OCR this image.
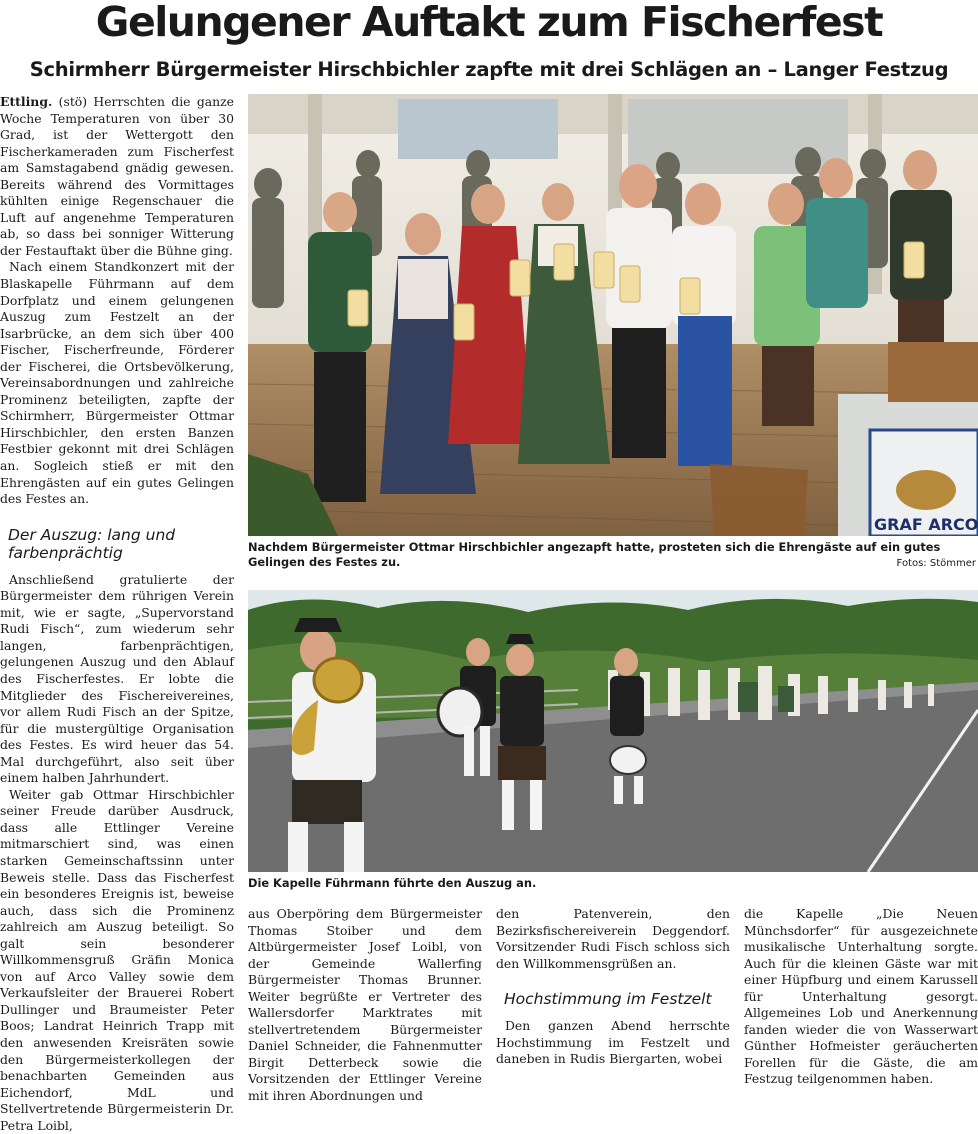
Gelungener Auftakt zum Fischerfest
Schirmherr Bürgermeister Hirschbichler zapfte mit drei Schlägen an – Langer Festzug

Ettling. (stö) Herrschten die ganze Woche Temperaturen von über 30 Grad, ist der Wettergott den Fischerkameraden zum Fischerfest am Samstagabend gnädig gewesen. Bereits während des Vormittages kühlten einige Regenschauer die Luft auf angenehme Temperaturen ab, so dass bei sonniger Witterung der Festauftakt über die Bühne ging.

Nach einem Standkonzert mit der Blaskapelle Führmann auf dem Dorfplatz und einem gelungenen Auszug zum Festzelt an der Isarbrücke, an dem sich über 400 Fischer, Fischerfreunde, Förderer der Fischerei, die Ortsbevölkerung, Vereinsabordnungen und zahlreiche Prominenz beteiligten, zapfte der Schirmherr, Bürgermeister Ottmar Hirschbichler, den ersten Banzen Festbier gekonnt mit drei Schlägen an. Sogleich stieß er mit den Ehrengästen auf ein gutes Gelingen des Festes an.

Der Auszug: lang und farbenprächtig

Anschließend gratulierte der Bürgermeister dem rührigen Verein mit, wie er sagte, „Supervorstand Rudi Fisch“, zum wiederum sehr langen, farbenprächtigen, gelungenen Auszug und den Ablauf des Fischerfestes. Er lobte die Mitglieder des Fischereivereines, vor allem Rudi Fisch an der Spitze, für die mustergültige Organisation des Festes. Es wird heuer das 54. Mal durchgeführt, also seit über einem halben Jahrhundert.

Weiter gab Ottmar Hirschbichler seiner Freude darüber Ausdruck, dass alle Ettlinger Vereine mitmarschiert sind, was einen starken Gemeinschaftssinn unter Beweis stelle. Dass das Fischerfest ein besonderes Ereignis ist, beweise auch, dass sich die Prominenz zahlreich am Auszug beteiligt. So galt sein besonderer Willkommensgruß Gräfin Monica von auf Arco Valley sowie dem Verkaufsleiter der Brauerei Robert Dullinger und Braumeister Peter Boos; Landrat Heinrich Trapp mit den anwesenden Kreisräten sowie den Bürgermeisterkollegen der benachbarten Gemeinden aus Eichendorf, MdL und Stellvertretende Bürgermeisterin Dr. Petra Loibl,

GRAF ARCO
Nachdem Bürgermeister Ottmar Hirschbichler angezapft hatte, prosteten sich die Ehrengäste auf ein gutes Gelingen des Festes zu.	Fotos: Stömmer
Die Kapelle Führmann führte den Auszug an.

aus Oberpöring dem Bürgermeister Thomas Stoiber und dem Altbürgermeister Josef Loibl, von der Gemeinde Wallerfing Bürgermeister Thomas Brunner. Weiter begrüßte er Vertreter des Wallersdorfer Marktrates mit stellvertretendem Bürgermeister Daniel Schneider, die Fahnenmutter Birgit Detterbeck sowie die Vorsitzenden der Ettlinger Vereine mit ihren Abordnungen und

den Patenverein, den Bezirksfischereiverein Deggendorf. Vorsitzender Rudi Fisch schloss sich den Willkommensgrüßen an.

Hochstimmung im Festzelt

Den ganzen Abend herrschte Hochstimmung im Festzelt und daneben in Rudis Biergarten, wobei

die Kapelle „Die Neuen Münchsdorfer“ für ausgezeichnete musikalische Unterhaltung sorgte. Auch für die kleinen Gäste war mit einer Hüpfburg und einem Karussell für Unterhaltung gesorgt. Allgemeines Lob und Anerkennung fanden wieder die von Wasserwart Günther Hofmeister geräucherten Forellen für die Gäste, die am Festzug teilgenommen haben.
